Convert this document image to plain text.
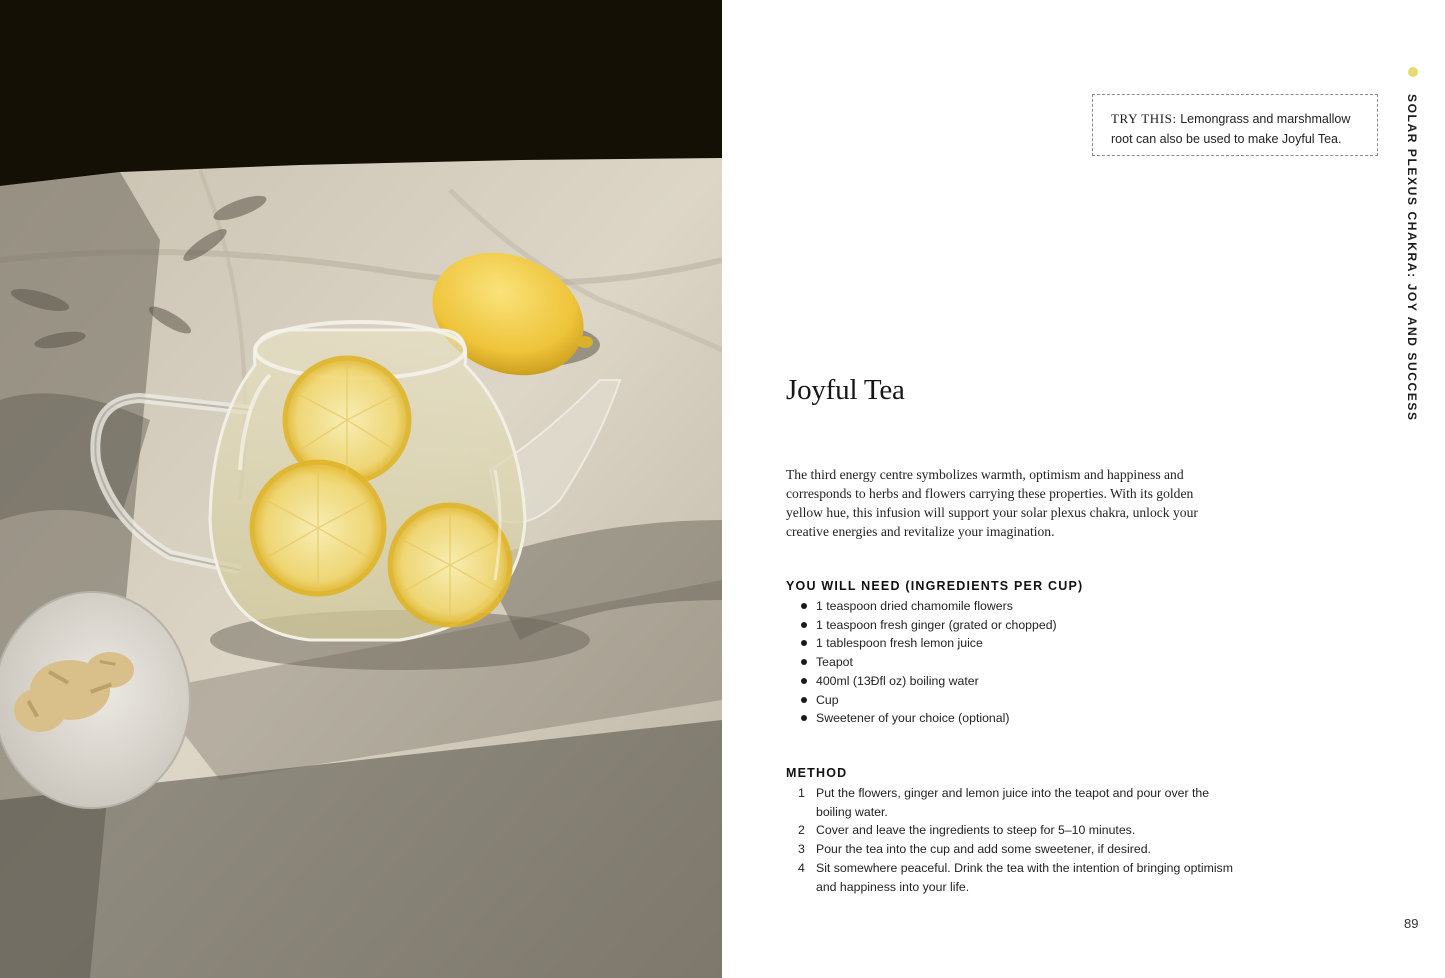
TRY THIS: Lemongrass and marshmallow root can also be used to make Joyful Tea.	SOLAR PLEXUS CHAKRA: JOY AND SUCCESS
Joyful Tea

The third energy centre symbolizes warmth, optimism and happiness and corresponds to herbs and flowers carrying these properties. With its golden yellow hue, this infusion will support your solar plexus chakra, unlock your creative energies and revitalize your imagination.

YOU WILL NEED (INGREDIENTS PER CUP)
1 teaspoon dried chamomile flowers
1 teaspoon fresh ginger (grated or chopped)
1 tablespoon fresh lemon juice
Teapot
400ml (13Ðfl oz) boiling water
Cup
Sweetener of your choice (optional)
METHOD
1 Put the flowers, ginger and lemon juice into the teapot and pour over the boiling water.
2 Cover and leave the ingredients to steep for 5–10 minutes.
3 Pour the tea into the cup and add some sweetener, if desired.
4 Sit somewhere peaceful. Drink the tea with the intention of bringing optimism and happiness into your life.
89
